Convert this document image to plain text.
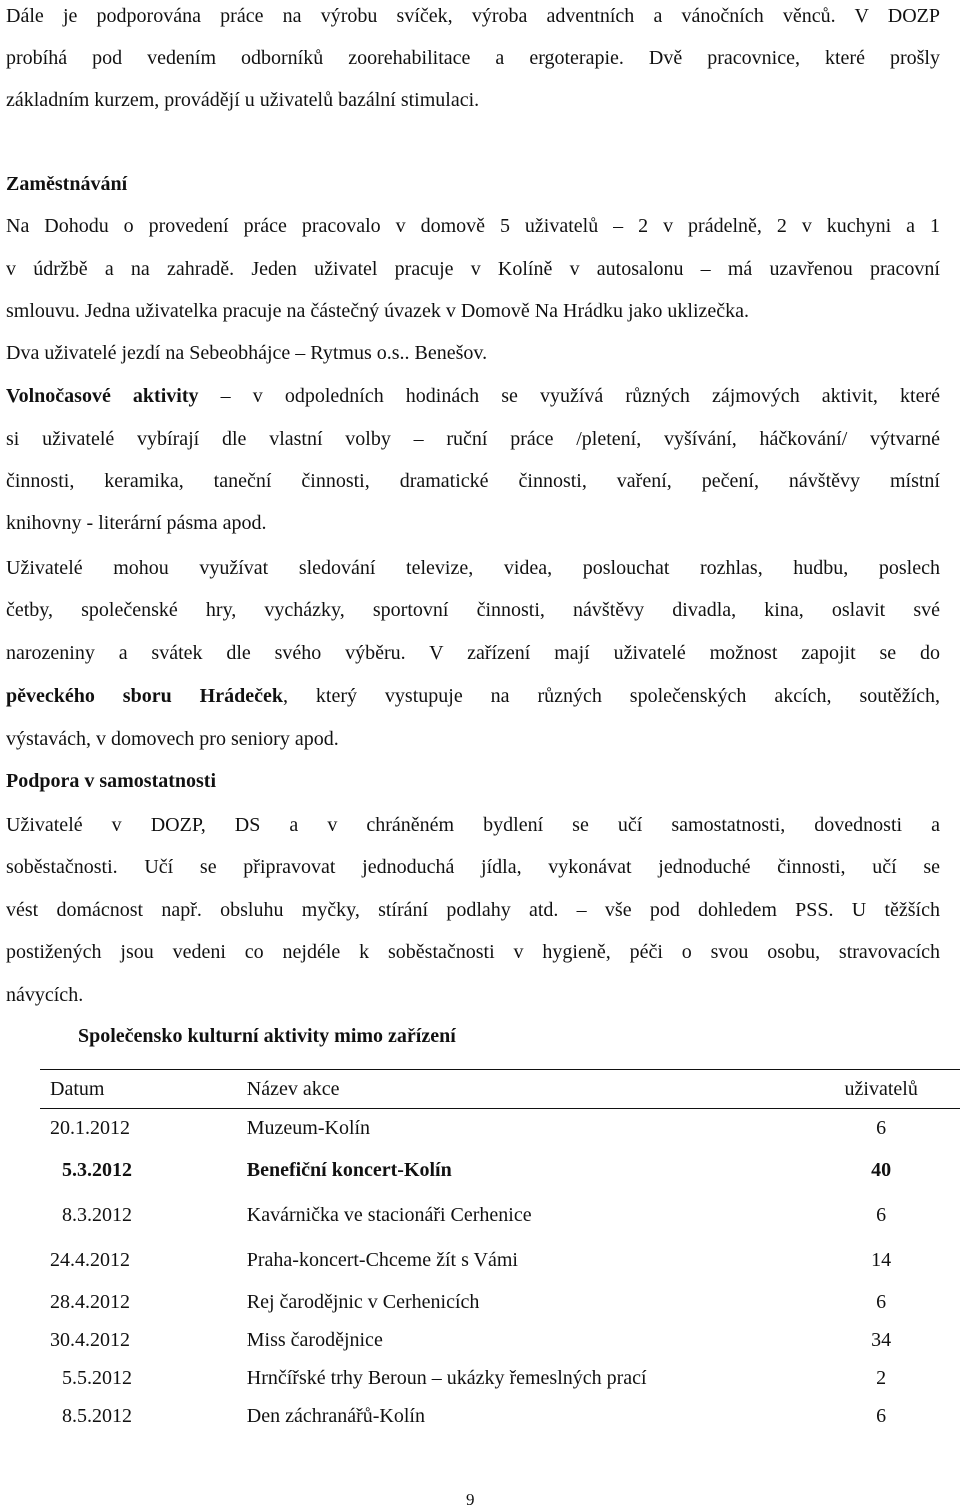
Dále je podporována práce na výrobu svíček, výroba adventních a vánočních věnců. V DOZP
probíhá pod vedením odborníků zoorehabilitace a ergoterapie. Dvě pracovnice, které prošly
základním kurzem, provádějí u uživatelů bazální stimulaci.
Zaměstnávání
Na Dohodu o provedení práce pracovalo v domově 5 uživatelů – 2 v prádelně, 2 v kuchyni a 1
v údržbě a na zahradě. Jeden uživatel pracuje v Kolíně v autosalonu – má uzavřenou pracovní
smlouvu. Jedna uživatelka pracuje na částečný úvazek v Domově Na Hrádku jako uklizečka.
Dva uživatelé jezdí na Sebeobhájce – Rytmus o.s.. Benešov.
Volnočasové aktivity – v odpoledních hodinách se využívá různých zájmových aktivit, které
si uživatelé vybírají dle vlastní volby – ruční práce /pletení, vyšívání, háčkování/ výtvarné
činnosti, keramika, taneční činnosti, dramatické činnosti, vaření, pečení, návštěvy místní
knihovny - literární pásma apod.
Uživatelé mohou využívat sledování televize, videa, poslouchat rozhlas, hudbu, poslech
četby, společenské hry, vycházky, sportovní činnosti, návštěvy divadla, kina, oslavit své
narozeniny a svátek dle svého výběru. V zařízení mají uživatelé možnost zapojit se do
pěveckého sboru Hrádeček, který vystupuje na různých společenských akcích, soutěžích,
výstavách, v domovech pro seniory apod.
Podpora v samostatnosti
Uživatelé v DOZP, DS a v chráněném bydlení se učí samostatnosti, dovednosti a
soběstačnosti. Učí se připravovat jednoduchá jídla, vykonávat jednoduché činnosti, učí se
vést domácnost např. obsluhu myčky, stírání podlahy atd. – vše pod dohledem PSS. U těžších
postižených jsou vedeni co nejdéle k soběstačnosti v hygieně, péči o svou osobu, stravovacích
návycích.
Společensko kulturní aktivity mimo zařízení
Datum	Název akce	uživatelů
20.1.2012	Muzeum-Kolín	6
5.3.2012	Benefiční koncert-Kolín	40
8.3.2012	Kavárnička ve stacionáři Cerhenice	6
24.4.2012	Praha-koncert-Chceme žít s Vámi	14
28.4.2012	Rej čarodějnic v Cerhenicích	6
30.4.2012	Miss čarodějnice	34
5.5.2012	Hrnčířské trhy Beroun – ukázky řemeslných prací	2
8.5.2012	Den záchranářů-Kolín	6
9
